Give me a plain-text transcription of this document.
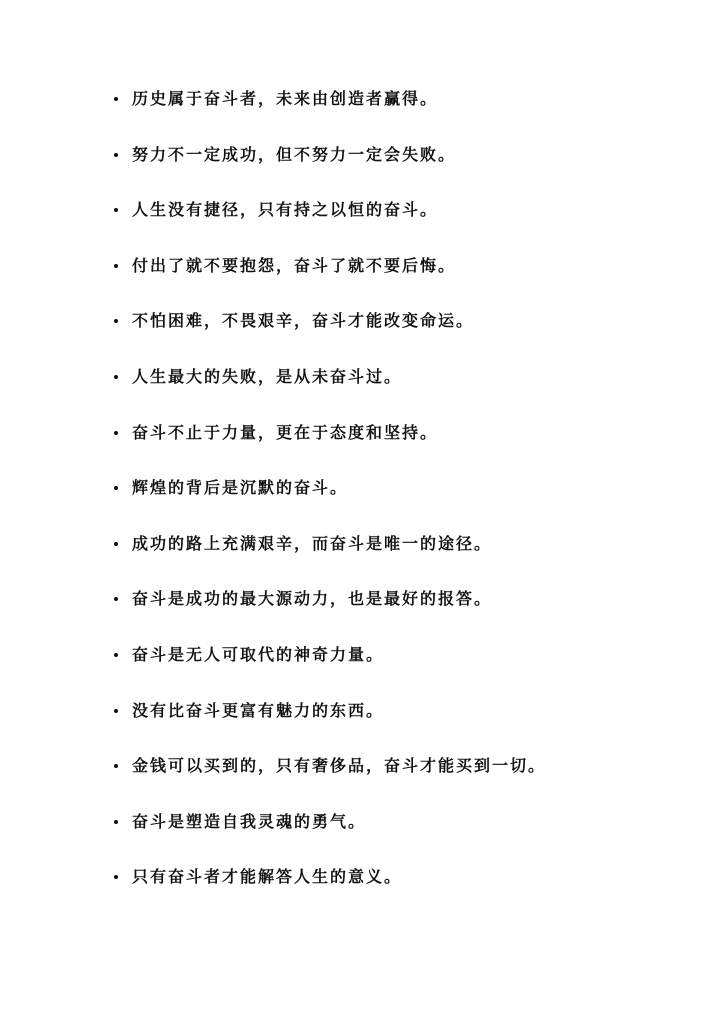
历史属于奋斗者，未来由创造者赢得。
努力不一定成功，但不努力一定会失败。
人生没有捷径，只有持之以恒的奋斗。
付出了就不要抱怨，奋斗了就不要后悔。
不怕困难，不畏艰辛，奋斗才能改变命运。
人生最大的失败，是从未奋斗过。
奋斗不止于力量，更在于态度和坚持。
辉煌的背后是沉默的奋斗。
成功的路上充满艰辛，而奋斗是唯一的途径。
奋斗是成功的最大源动力，也是最好的报答。
奋斗是无人可取代的神奇力量。
没有比奋斗更富有魅力的东西。
金钱可以买到的，只有奢侈品，奋斗才能买到一切。
奋斗是塑造自我灵魂的勇气。
只有奋斗者才能解答人生的意义。
